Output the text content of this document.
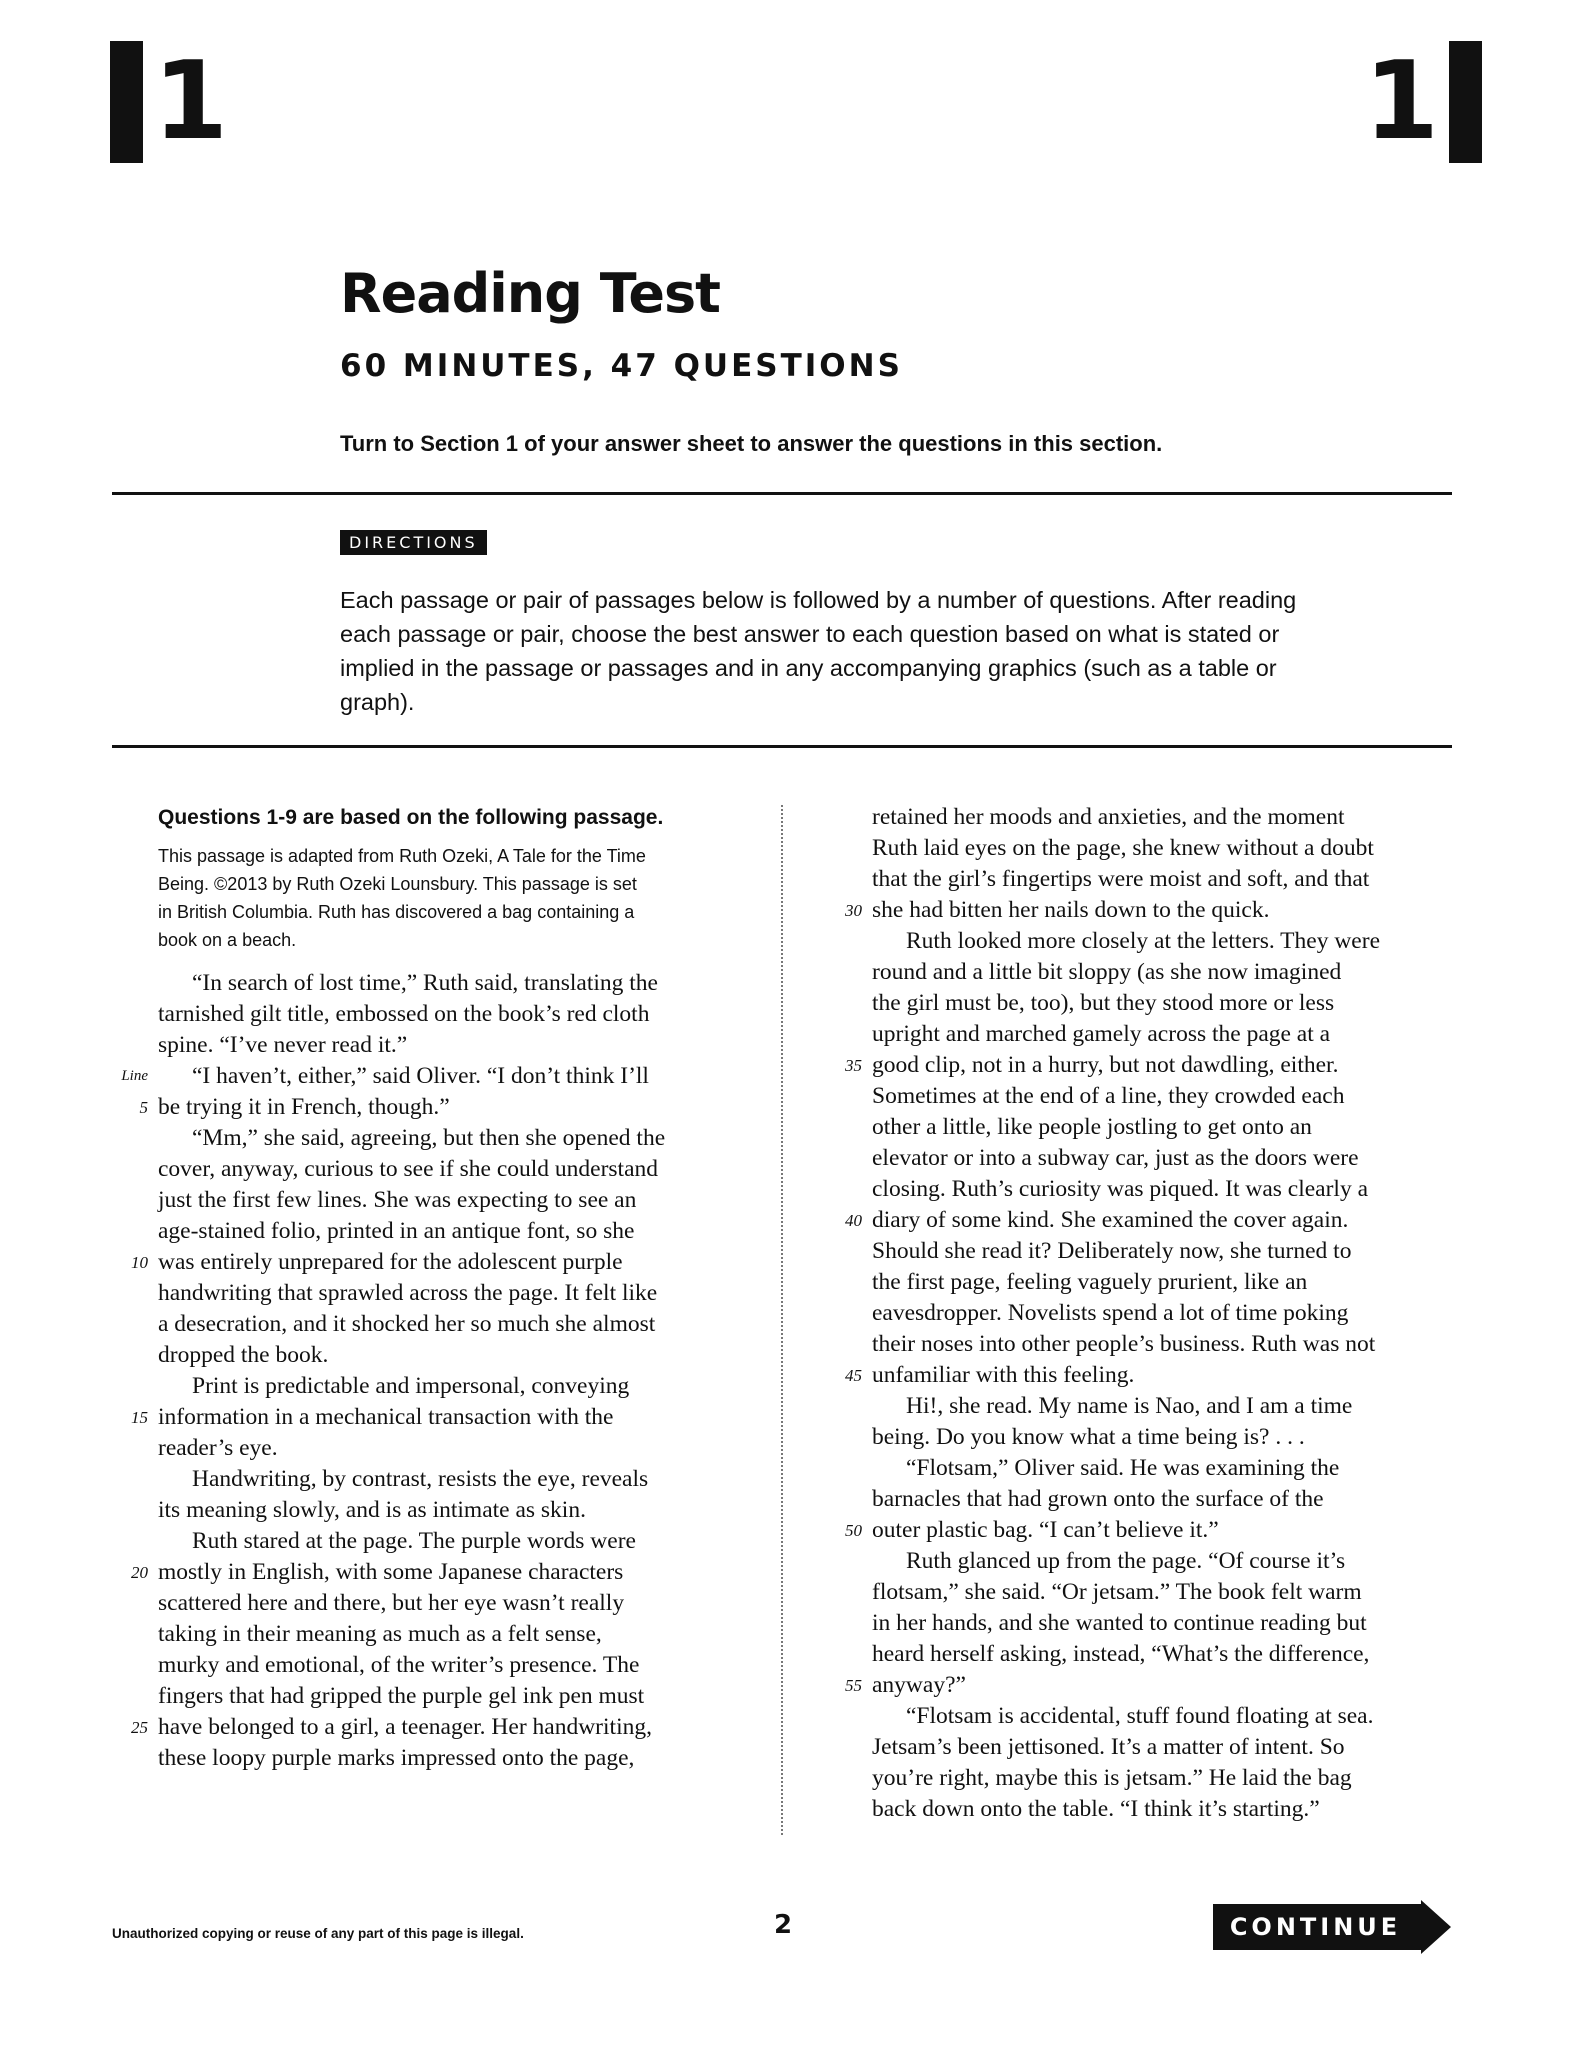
1	1
Reading Test
60 MINUTES, 47 QUESTIONS
Turn to Section 1 of your answer sheet to answer the questions in this section.
DIRECTIONS
Each passage or pair of passages below is followed by a number of questions. After reading
each passage or pair, choose the best answer to each question based on what is stated or
implied in the passage or passages and in any accompanying graphics (such as a table or
graph).
Questions 1-9 are based on the following passage.
This passage is adapted from Ruth Ozeki, A Tale for the Time
Being. ©2013 by Ruth Ozeki Lounsbury. This passage is set
in British Columbia. Ruth has discovered a bag containing a
book on a beach.
“In search of lost time,” Ruth said, translating the
tarnished gilt title, embossed on the book’s red cloth
spine. “I’ve never read it.”
Line “I haven’t, either,” said Oliver. “I don’t think I’ll
5 be trying it in French, though.”
“Mm,” she said, agreeing, but then she opened the
cover, anyway, curious to see if she could understand
just the first few lines. She was expecting to see an
age-stained folio, printed in an antique font, so she
10 was entirely unprepared for the adolescent purple
handwriting that sprawled across the page. It felt like
a desecration, and it shocked her so much she almost
dropped the book.
Print is predictable and impersonal, conveying
15 information in a mechanical transaction with the
reader’s eye.
Handwriting, by contrast, resists the eye, reveals
its meaning slowly, and is as intimate as skin.
Ruth stared at the page. The purple words were
20 mostly in English, with some Japanese characters
scattered here and there, but her eye wasn’t really
taking in their meaning as much as a felt sense,
murky and emotional, of the writer’s presence. The
fingers that had gripped the purple gel ink pen must
25 have belonged to a girl, a teenager. Her handwriting,
these loopy purple marks impressed onto the page,
retained her moods and anxieties, and the moment
Ruth laid eyes on the page, she knew without a doubt
that the girl’s fingertips were moist and soft, and that
30 she had bitten her nails down to the quick.
Ruth looked more closely at the letters. They were
round and a little bit sloppy (as she now imagined
the girl must be, too), but they stood more or less
upright and marched gamely across the page at a
35 good clip, not in a hurry, but not dawdling, either.
Sometimes at the end of a line, they crowded each
other a little, like people jostling to get onto an
elevator or into a subway car, just as the doors were
closing. Ruth’s curiosity was piqued. It was clearly a
40 diary of some kind. She examined the cover again.
Should she read it? Deliberately now, she turned to
the first page, feeling vaguely prurient, like an
eavesdropper. Novelists spend a lot of time poking
their noses into other people’s business. Ruth was not
45 unfamiliar with this feeling.
Hi!, she read. My name is Nao, and I am a time
being. Do you know what a time being is? . . .
“Flotsam,” Oliver said. He was examining the
barnacles that had grown onto the surface of the
50 outer plastic bag. “I can’t believe it.”
Ruth glanced up from the page. “Of course it’s
flotsam,” she said. “Or jetsam.” The book felt warm
in her hands, and she wanted to continue reading but
heard herself asking, instead, “What’s the difference,
55 anyway?”
“Flotsam is accidental, stuff found floating at sea.
Jetsam’s been jettisoned. It’s a matter of intent. So
you’re right, maybe this is jetsam.” He laid the bag
back down onto the table. “I think it’s starting.”
Unauthorized copying or reuse of any part of this page is illegal.	2	CONTINUE
